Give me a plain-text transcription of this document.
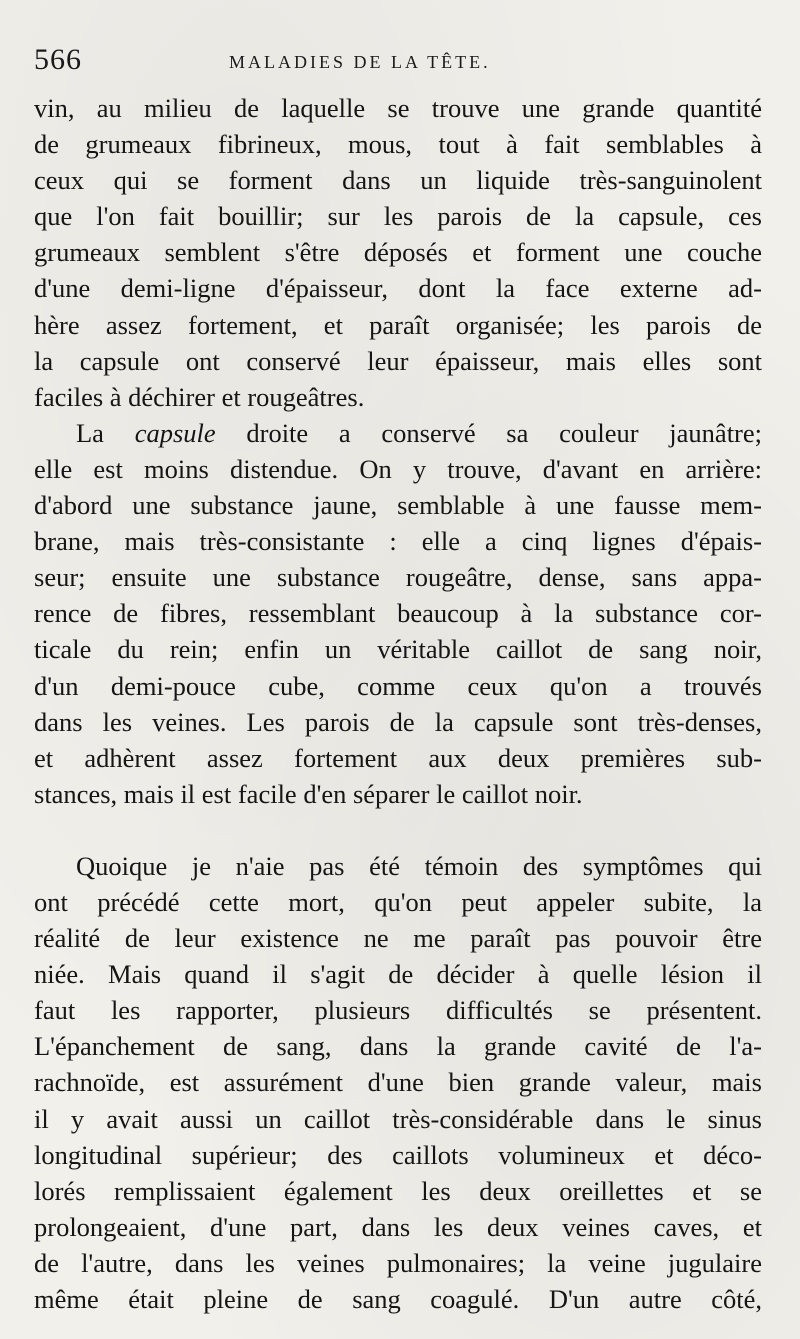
566	MALADIES DE LA TÊTE.
vin, au milieu de laquelle se trouve une grande quantité
de grumeaux fibrineux, mous, tout à fait semblables à
ceux qui se forment dans un liquide très-sanguinolent
que l'on fait bouillir; sur les parois de la capsule, ces
grumeaux semblent s'être déposés et forment une couche
d'une demi-ligne d'épaisseur, dont la face externe ad-
hère assez fortement, et paraît organisée; les parois de
la capsule ont conservé leur épaisseur, mais elles sont
faciles à déchirer et rougeâtres.
La capsule droite a conservé sa couleur jaunâtre;
elle est moins distendue. On y trouve, d'avant en arrière:
d'abord une substance jaune, semblable à une fausse mem-
brane, mais très-consistante : elle a cinq lignes d'épais-
seur; ensuite une substance rougeâtre, dense, sans appa-
rence de fibres, ressemblant beaucoup à la substance cor-
ticale du rein; enfin un véritable caillot de sang noir,
d'un demi-pouce cube, comme ceux qu'on a trouvés
dans les veines. Les parois de la capsule sont très-denses,
et adhèrent assez fortement aux deux premières sub-
stances, mais il est facile d'en séparer le caillot noir.
Quoique je n'aie pas été témoin des symptômes qui
ont précédé cette mort, qu'on peut appeler subite, la
réalité de leur existence ne me paraît pas pouvoir être
niée. Mais quand il s'agit de décider à quelle lésion il
faut les rapporter, plusieurs difficultés se présentent.
L'épanchement de sang, dans la grande cavité de l'a-
rachnoïde, est assurément d'une bien grande valeur, mais
il y avait aussi un caillot très-considérable dans le sinus
longitudinal supérieur; des caillots volumineux et déco-
lorés remplissaient également les deux oreillettes et se
prolongeaient, d'une part, dans les deux veines caves, et
de l'autre, dans les veines pulmonaires; la veine jugulaire
même était pleine de sang coagulé. D'un autre côté,
